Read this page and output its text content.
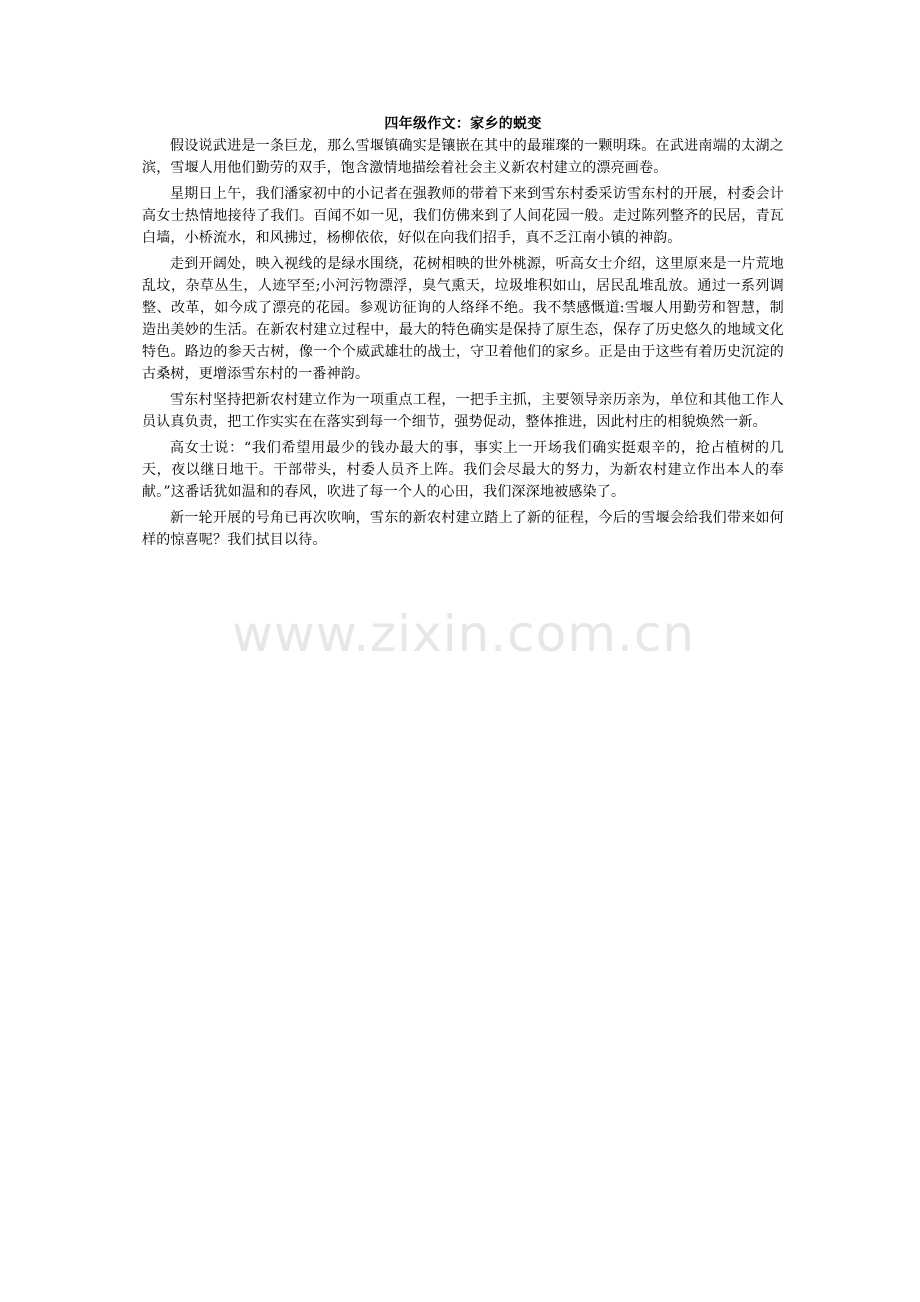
www.zixin.com.cn
四年级作文：家乡的蜕变

假设说武进是一条巨龙，那么雪堰镇确实是镶嵌在其中的最璀璨的一颗明珠。在武进南端的太湖之滨，雪堰人用他们勤劳的双手，饱含激情地描绘着社会主义新农村建立的漂亮画卷。

星期日上午，我们潘家初中的小记者在强教师的带着下来到雪东村委采访雪东村的开展，村委会计高女士热情地接待了我们。百闻不如一见，我们仿佛来到了人间花园一般。走过陈列整齐的民居，青瓦白墙，小桥流水，和风拂过，杨柳依依，好似在向我们招手，真不乏江南小镇的神韵。

走到开阔处，映入视线的是绿水围绕，花树相映的世外桃源，听高女士介绍，这里原来是一片荒地乱坟，杂草丛生，人迹罕至;小河污物漂浮，臭气熏天，垃圾堆积如山，居民乱堆乱放。通过一系列调整、改革，如今成了漂亮的花园。参观访征询的人络绎不绝。我不禁感慨道:雪堰人用勤劳和智慧，制造出美妙的生活。在新农村建立过程中，最大的特色确实是保持了原生态，保存了历史悠久的地域文化特色。路边的参天古树，像一个个威武雄壮的战士，守卫着他们的家乡。正是由于这些有着历史沉淀的古桑树，更增添雪东村的一番神韵。

雪东村坚持把新农村建立作为一项重点工程，一把手主抓，主要领导亲历亲为，单位和其他工作人员认真负责，把工作实实在在落实到每一个细节，强势促动，整体推进，因此村庄的相貌焕然一新。

高女士说：“我们希望用最少的钱办最大的事，事实上一开场我们确实挺艰辛的，抢占植树的几天，夜以继日地干。干部带头，村委人员齐上阵。我们会尽最大的努力，为新农村建立作出本人的奉献。”这番话犹如温和的春风，吹进了每一个人的心田，我们深深地被感染了。

新一轮开展的号角已再次吹响，雪东的新农村建立踏上了新的征程，今后的雪堰会给我们带来如何样的惊喜呢？我们拭目以待。
